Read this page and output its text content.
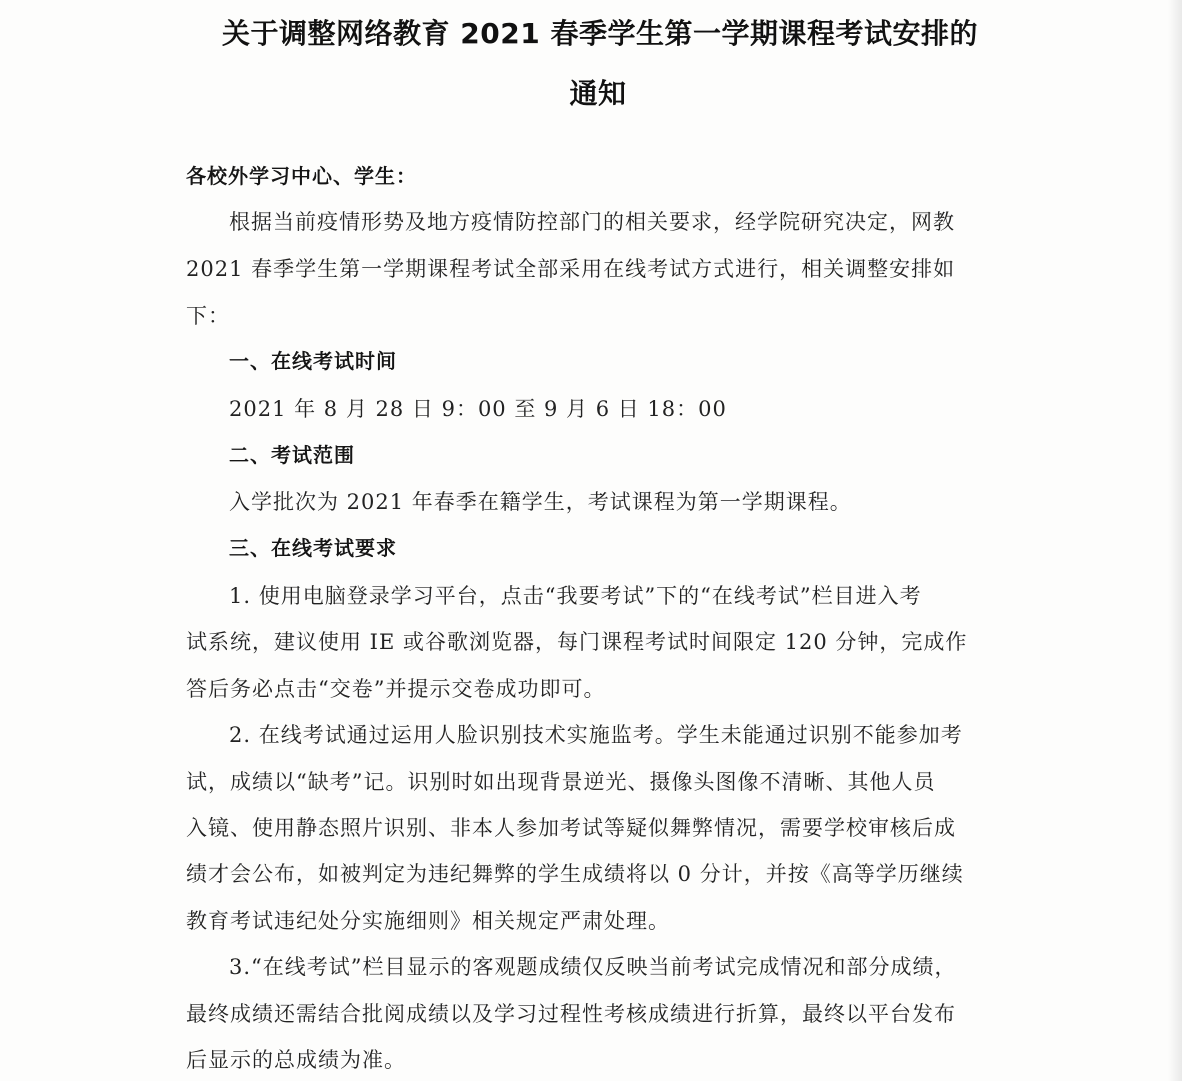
关于调整网络教育 2021 春季学生第一学期课程考试安排的
通知
各校外学习中心、学生：
根据当前疫情形势及地方疫情防控部门的相关要求，经学院研究决定，网教
2021 春季学生第一学期课程考试全部采用在线考试方式进行，相关调整安排如
下：
一、在线考试时间
2021 年 8 月 28 日 9：00 至 9 月 6 日 18：00
二、考试范围
入学批次为 2021 年春季在籍学生，考试课程为第一学期课程。
三、在线考试要求
1. 使用电脑登录学习平台，点击“我要考试”下的“在线考试”栏目进入考
试系统，建议使用 IE 或谷歌浏览器，每门课程考试时间限定 120 分钟，完成作
答后务必点击“交卷”并提示交卷成功即可。
2. 在线考试通过运用人脸识别技术实施监考。学生未能通过识别不能参加考
试，成绩以“缺考”记。识别时如出现背景逆光、摄像头图像不清晰、其他人员
入镜、使用静态照片识别、非本人参加考试等疑似舞弊情况，需要学校审核后成
绩才会公布，如被判定为违纪舞弊的学生成绩将以 0 分计，并按《高等学历继续
教育考试违纪处分实施细则》相关规定严肃处理。
3.“在线考试”栏目显示的客观题成绩仅反映当前考试完成情况和部分成绩，
最终成绩还需结合批阅成绩以及学习过程性考核成绩进行折算，最终以平台发布
后显示的总成绩为准。
